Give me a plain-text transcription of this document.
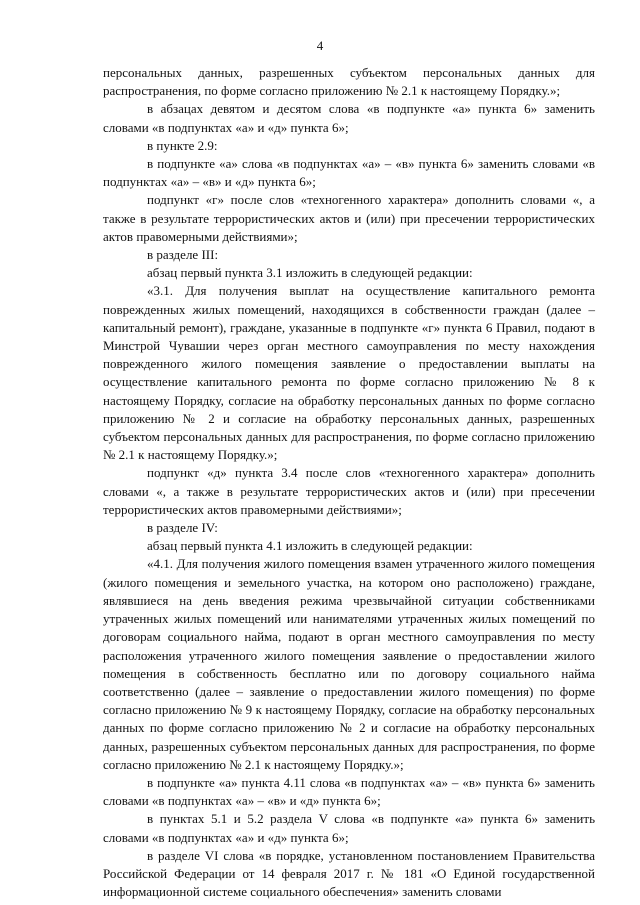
4

персональных данных, разрешенных субъектом персональных данных для распространения, по форме согласно приложению № 2.1 к настоящему Порядку.»;

в абзацах девятом и десятом слова «в подпункте «а» пункта 6» заменить словами «в подпунктах «а» и «д» пункта 6»;

в пункте 2.9:

в подпункте «а» слова «в подпунктах «а» – «в» пункта 6» заменить словами «в подпунктах «а» – «в» и «д» пункта 6»;

подпункт «г» после слов «техногенного характера» дополнить словами «, а также в результате террористических актов и (или) при пресечении террористических актов правомерными действиями»;

в разделе III:

абзац первый пункта 3.1 изложить в следующей редакции:

«3.1. Для получения выплат на осуществление капитального ремонта поврежденных жилых помещений, находящихся в собственности граждан (далее – капитальный ремонт), граждане, указанные в подпункте «г» пункта 6 Правил, подают в Минстрой Чувашии через орган местного самоуправления по месту нахождения поврежденного жилого помещения заявление о предоставлении выплаты на осуществление капитального ремонта по форме согласно приложению № 8 к настоящему Порядку, согласие на обработку персональных данных по форме согласно приложению № 2 и согласие на обработку персональных данных, разрешенных субъектом персональных данных для распространения, по форме согласно приложению № 2.1 к настоящему Порядку.»;

подпункт «д» пункта 3.4 после слов «техногенного характера» дополнить словами «, а также в результате террористических актов и (или) при пресечении террористических актов правомерными действиями»;

в разделе IV:

абзац первый пункта 4.1 изложить в следующей редакции:

«4.1. Для получения жилого помещения взамен утраченного жилого помещения (жилого помещения и земельного участка, на котором оно расположено) граждане, являвшиеся на день введения режима чрезвычайной ситуации собственниками утраченных жилых помещений или нанимателями утраченных жилых помещений по договорам социального найма, подают в орган местного самоуправления по месту расположения утраченного жилого помещения заявление о предоставлении жилого помещения в собственность бесплатно или по договору социального найма соответственно (далее – заявление о предоставлении жилого помещения) по форме согласно приложению № 9 к настоящему Порядку, согласие на обработку персональных данных по форме согласно приложению № 2 и согласие на обработку персональных данных, разрешенных субъектом персональных данных для распространения, по форме согласно приложению № 2.1 к настоящему Порядку.»;

в подпункте «а» пункта 4.11 слова «в подпунктах «а» – «в» пункта 6» заменить словами «в подпунктах «а» – «в» и «д» пункта 6»;

в пунктах 5.1 и 5.2 раздела V слова «в подпункте «а» пункта 6» заменить словами «в подпунктах «а» и «д» пункта 6»;

в разделе VI слова «в порядке, установленном постановлением Правительства Российской Федерации от 14 февраля 2017 г. № 181 «О Единой государственной информационной системе социального обеспечения» заменить словами
